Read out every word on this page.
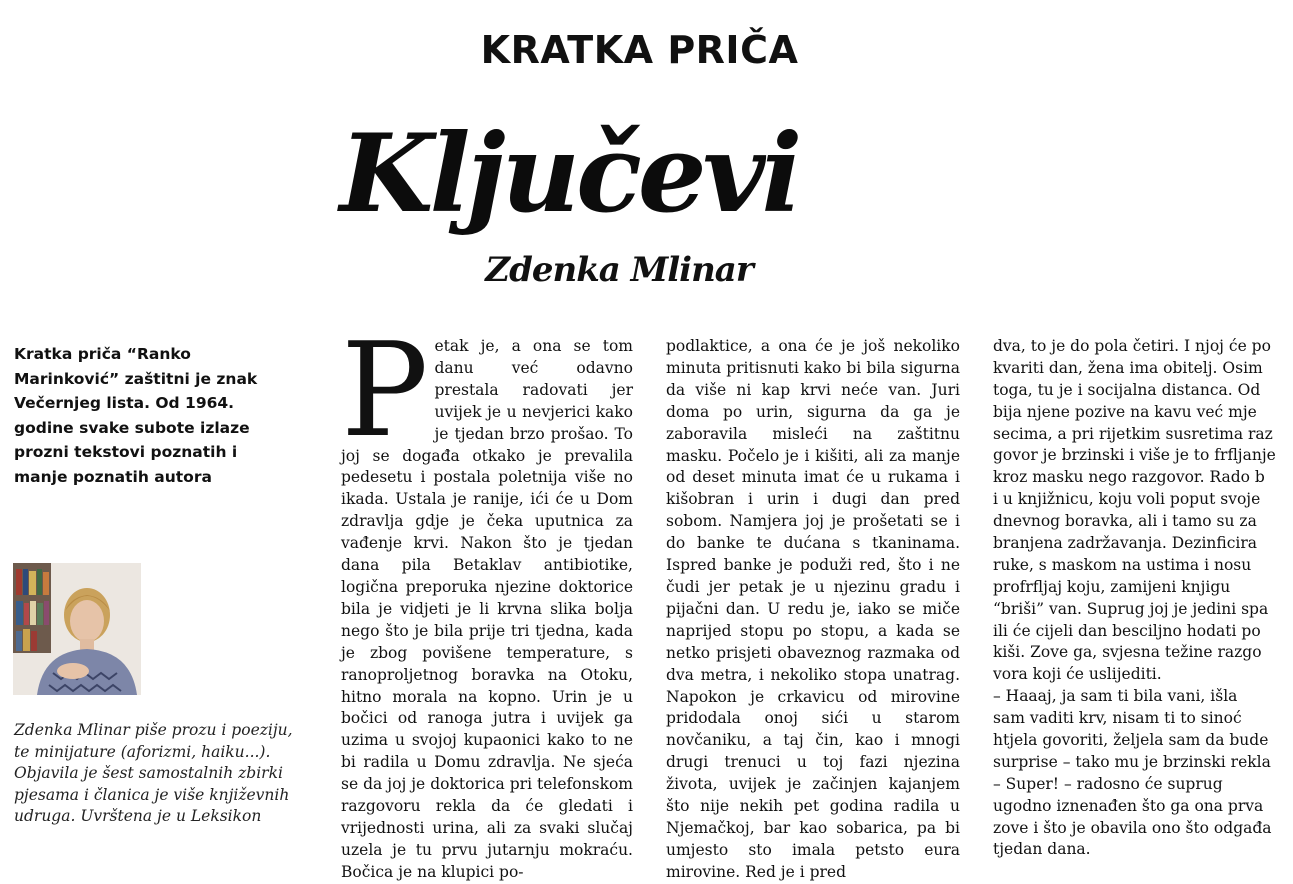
KRATKA PRIČA
Ključevi
Zdenka Mlinar
Kratka priča “Ranko Marinković” zaštitni je znak Večernjeg lista. Od 1964. godine svake subote izlaze prozni tekstovi poznatih i manje poznatih autora
Zdenka Mlinar piše prozu i poeziju, te minijature (aforizmi, haiku...). Objavila je šest samostalnih zbirki pjesama i članica je više književnih udruga. Uvrštena je u Leksikon
P etak je, a ona se tom danu već odavno prestala radovati jer uvijek je u nevjerici kako je tjedan brzo prošao. To joj se događa otkako je prevalila pedesetu i postala poletnija više no ikada. Ustala je ranije, ići će u Dom zdravlja gdje je čeka uputnica za vađenje krvi. Nakon što je tjedan dana pila Betaklav antibiotike, logična preporuka njezine doktorice bila je vidjeti je li krvna slika bolja nego što je bila prije tri tjedna, kada je zbog povišene temperature, s ranoproljetnog boravka na Otoku, hitno morala na kopno. Urin je u bočici od ranoga jutra i uvijek ga uzima u svojoj kupaonici kako to ne bi radila u Domu zdravlja. Ne sjeća se da joj je doktorica pri telefonskom razgovoru rekla da će gledati i vrijednosti urina, ali za svaki slučaj uzela je tu prvu jutarnju mokraću. Bočica je na klupici po-

podlaktice, a ona će je još nekoliko minuta pritisnuti kako bi bila sigurna da više ni kap krvi neće van. Juri doma po urin, sigurna da ga je zaboravila misleći na zaštitnu masku. Počelo je i kišiti, ali za manje od deset minuta imat će u rukama i kišobran i urin i dugi dan pred sobom. Namjera joj je prošetati se i do banke te dućana s tkaninama. Ispred banke je poduži red, što i ne čudi jer petak je u njezinu gradu i pijačni dan. U redu je, iako se miče naprijed stopu po stopu, a kada se netko prisjeti obaveznog razmaka od dva metra, i nekoliko stopa unatrag. Napokon je crkavicu od mirovine pridodala onoj sići u starom novčaniku, a taj čin, kao i mnogi drugi trenuci u toj fazi njezina života, uvijek je začinjen kajanjem što nije nekih pet godina radila u Njemačkoj, bar kao sobarica, pa bi umjesto sto imala petsto eura mirovine. Red je i pred

dva, to je do pola četiri. I njoj će po
kvariti dan, žena ima obitelj. Osim
toga, tu je i socijalna distanca. Od
bija njene pozive na kavu već mje
secima, a pri rijetkim susretima raz
govor je brzinski i više je to frfljanje
kroz masku nego razgovor. Rado b
i u knjižnicu, koju voli poput svoje
dnevnog boravka, ali i tamo su za
branjena zadržavanja. Dezinficira
ruke, s maskom na ustima i nosu
profrfljaj koju, zamijeni knjigu
“briši” van. Suprug joj je jedini spa
ili će cijeli dan besciljno hodati po
kiši. Zove ga, svjesna težine razgo
vora koji će uslijediti.
– Haaaj, ja sam ti bila vani, išla
sam vaditi krv, nisam ti to sinoć
htjela govoriti, željela sam da bude
surprise – tako mu je brzinski rekla
– Super! – radosno će suprug
ugodno iznenađen što ga ona prva
zove i što je obavila ono što odgađa
tjedan dana.
